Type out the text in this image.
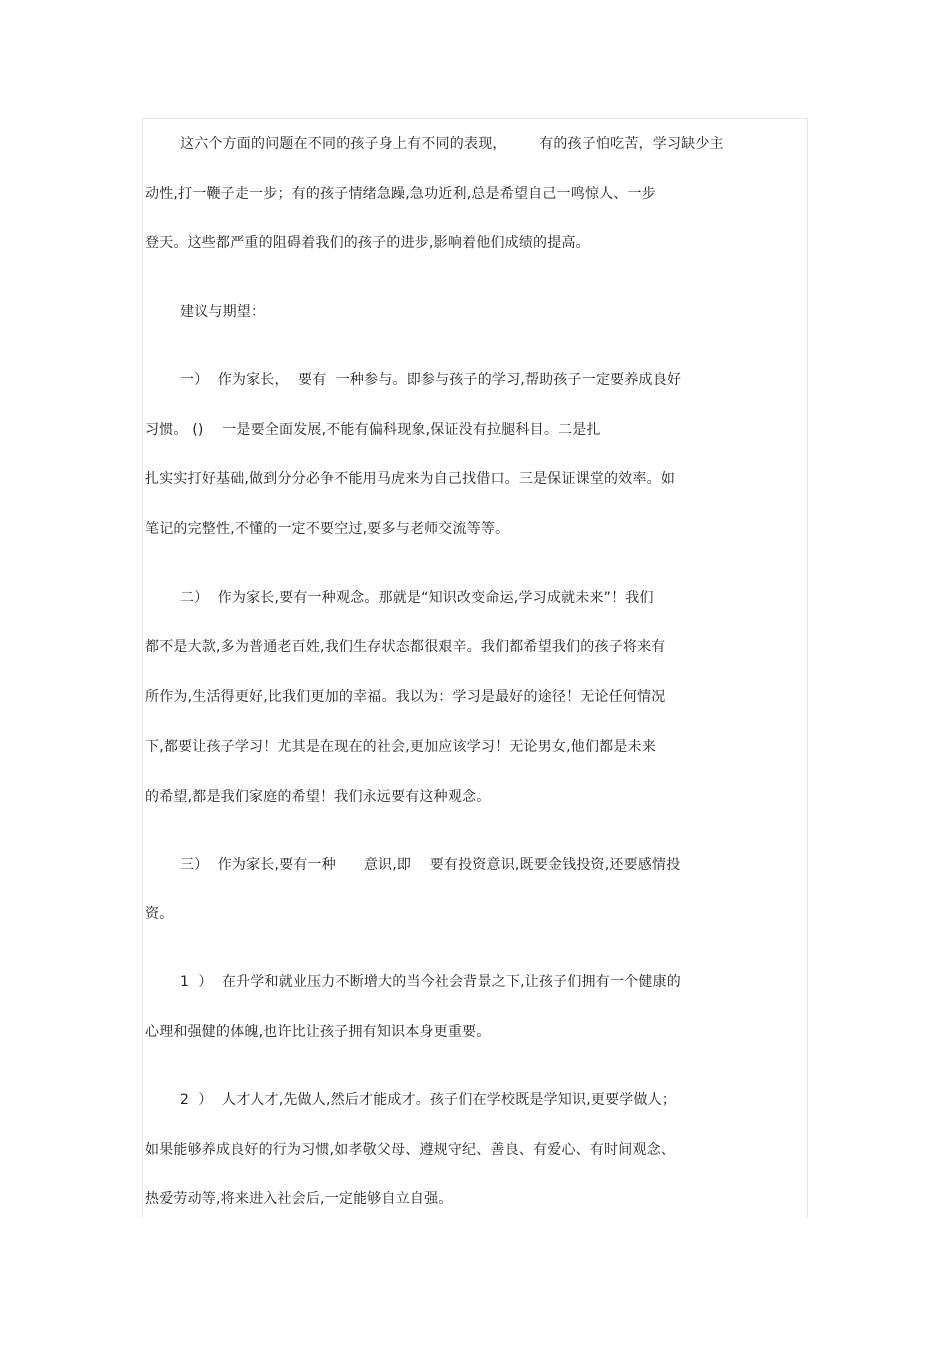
这六个方面的问题在不同的孩子身上有不同的表现，       有的孩子怕吃苦，学习缺少主
动性,打一鞭子走一步；有的孩子情绪急躁,急功近利,总是希望自己一鸣惊人、一步
登天。这些都严重的阻碍着我们的孩子的进步,影响着他们成绩的提高。
建议与期望：
一）  作为家长，  要有  一种参与。即参与孩子的学习,帮助孩子一定要养成良好
习惯。 ()    一是要全面发展,不能有偏科现象,保证没有拉腿科目。二是扎
扎实实打好基础,做到分分必争不能用马虎来为自己找借口。三是保证课堂的效率。如
笔记的完整性,不懂的一定不要空过,要多与老师交流等等。
二）  作为家长,要有一种观念。那就是“知识改变命运,学习成就未来”！我们
都不是大款,多为普通老百姓,我们生存状态都很艰辛。我们都希望我们的孩子将来有
所作为,生活得更好,比我们更加的幸福。我以为：学习是最好的途径！无论任何情况
下,都要让孩子学习！尤其是在现在的社会,更加应该学习！无论男女,他们都是未来
的希望,都是我们家庭的希望！我们永远要有这种观念。
三）  作为家长,要有一种      意识,即    要有投资意识,既要金钱投资,还要感情投
资。
1  ）  在升学和就业压力不断增大的当今社会背景之下,让孩子们拥有一个健康的
心理和强健的体魄,也许比让孩子拥有知识本身更重要。
2  ）  人才人才,先做人,然后才能成才。孩子们在学校既是学知识,更要学做人；
如果能够养成良好的行为习惯,如孝敬父母、遵规守纪、善良、有爱心、有时间观念、
热爱劳动等,将来进入社会后,一定能够自立自强。
